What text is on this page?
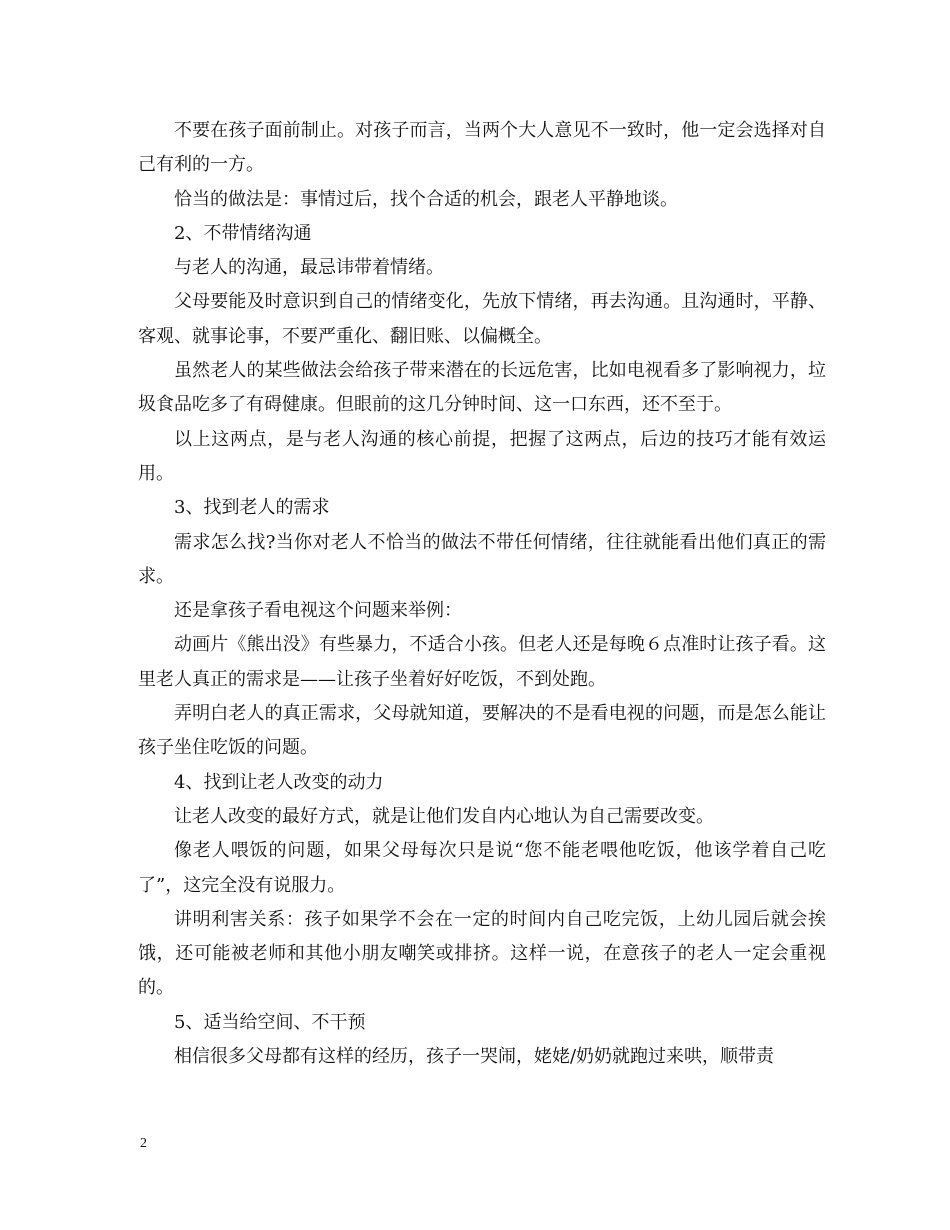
不要在孩子面前制止。对孩子而言，当两个大人意见不一致时，他一定会选择对自己有利的一方。

恰当的做法是：事情过后，找个合适的机会，跟老人平静地谈。

2、不带情绪沟通

与老人的沟通，最忌讳带着情绪。

父母要能及时意识到自己的情绪变化，先放下情绪，再去沟通。且沟通时，平静、客观、就事论事，不要严重化、翻旧账、以偏概全。

虽然老人的某些做法会给孩子带来潜在的长远危害，比如电视看多了影响视力，垃圾食品吃多了有碍健康。但眼前的这几分钟时间、这一口东西，还不至于。

以上这两点，是与老人沟通的核心前提，把握了这两点，后边的技巧才能有效运用。

3、找到老人的需求

需求怎么找?当你对老人不恰当的做法不带任何情绪，往往就能看出他们真正的需求。

还是拿孩子看电视这个问题来举例：

动画片《熊出没》有些暴力，不适合小孩。但老人还是每晚６点准时让孩子看。这里老人真正的需求是——让孩子坐着好好吃饭，不到处跑。

弄明白老人的真正需求，父母就知道，要解决的不是看电视的问题，而是怎么能让孩子坐住吃饭的问题。

4、找到让老人改变的动力

让老人改变的最好方式，就是让他们发自内心地认为自己需要改变。

像老人喂饭的问题，如果父母每次只是说“您不能老喂他吃饭，他该学着自己吃了”，这完全没有说服力。

讲明利害关系：孩子如果学不会在一定的时间内自己吃完饭，上幼儿园后就会挨饿，还可能被老师和其他小朋友嘲笑或排挤。这样一说，在意孩子的老人一定会重视的。

5、适当给空间、不干预

相信很多父母都有这样的经历，孩子一哭闹，姥姥/奶奶就跑过来哄，顺带责

2
